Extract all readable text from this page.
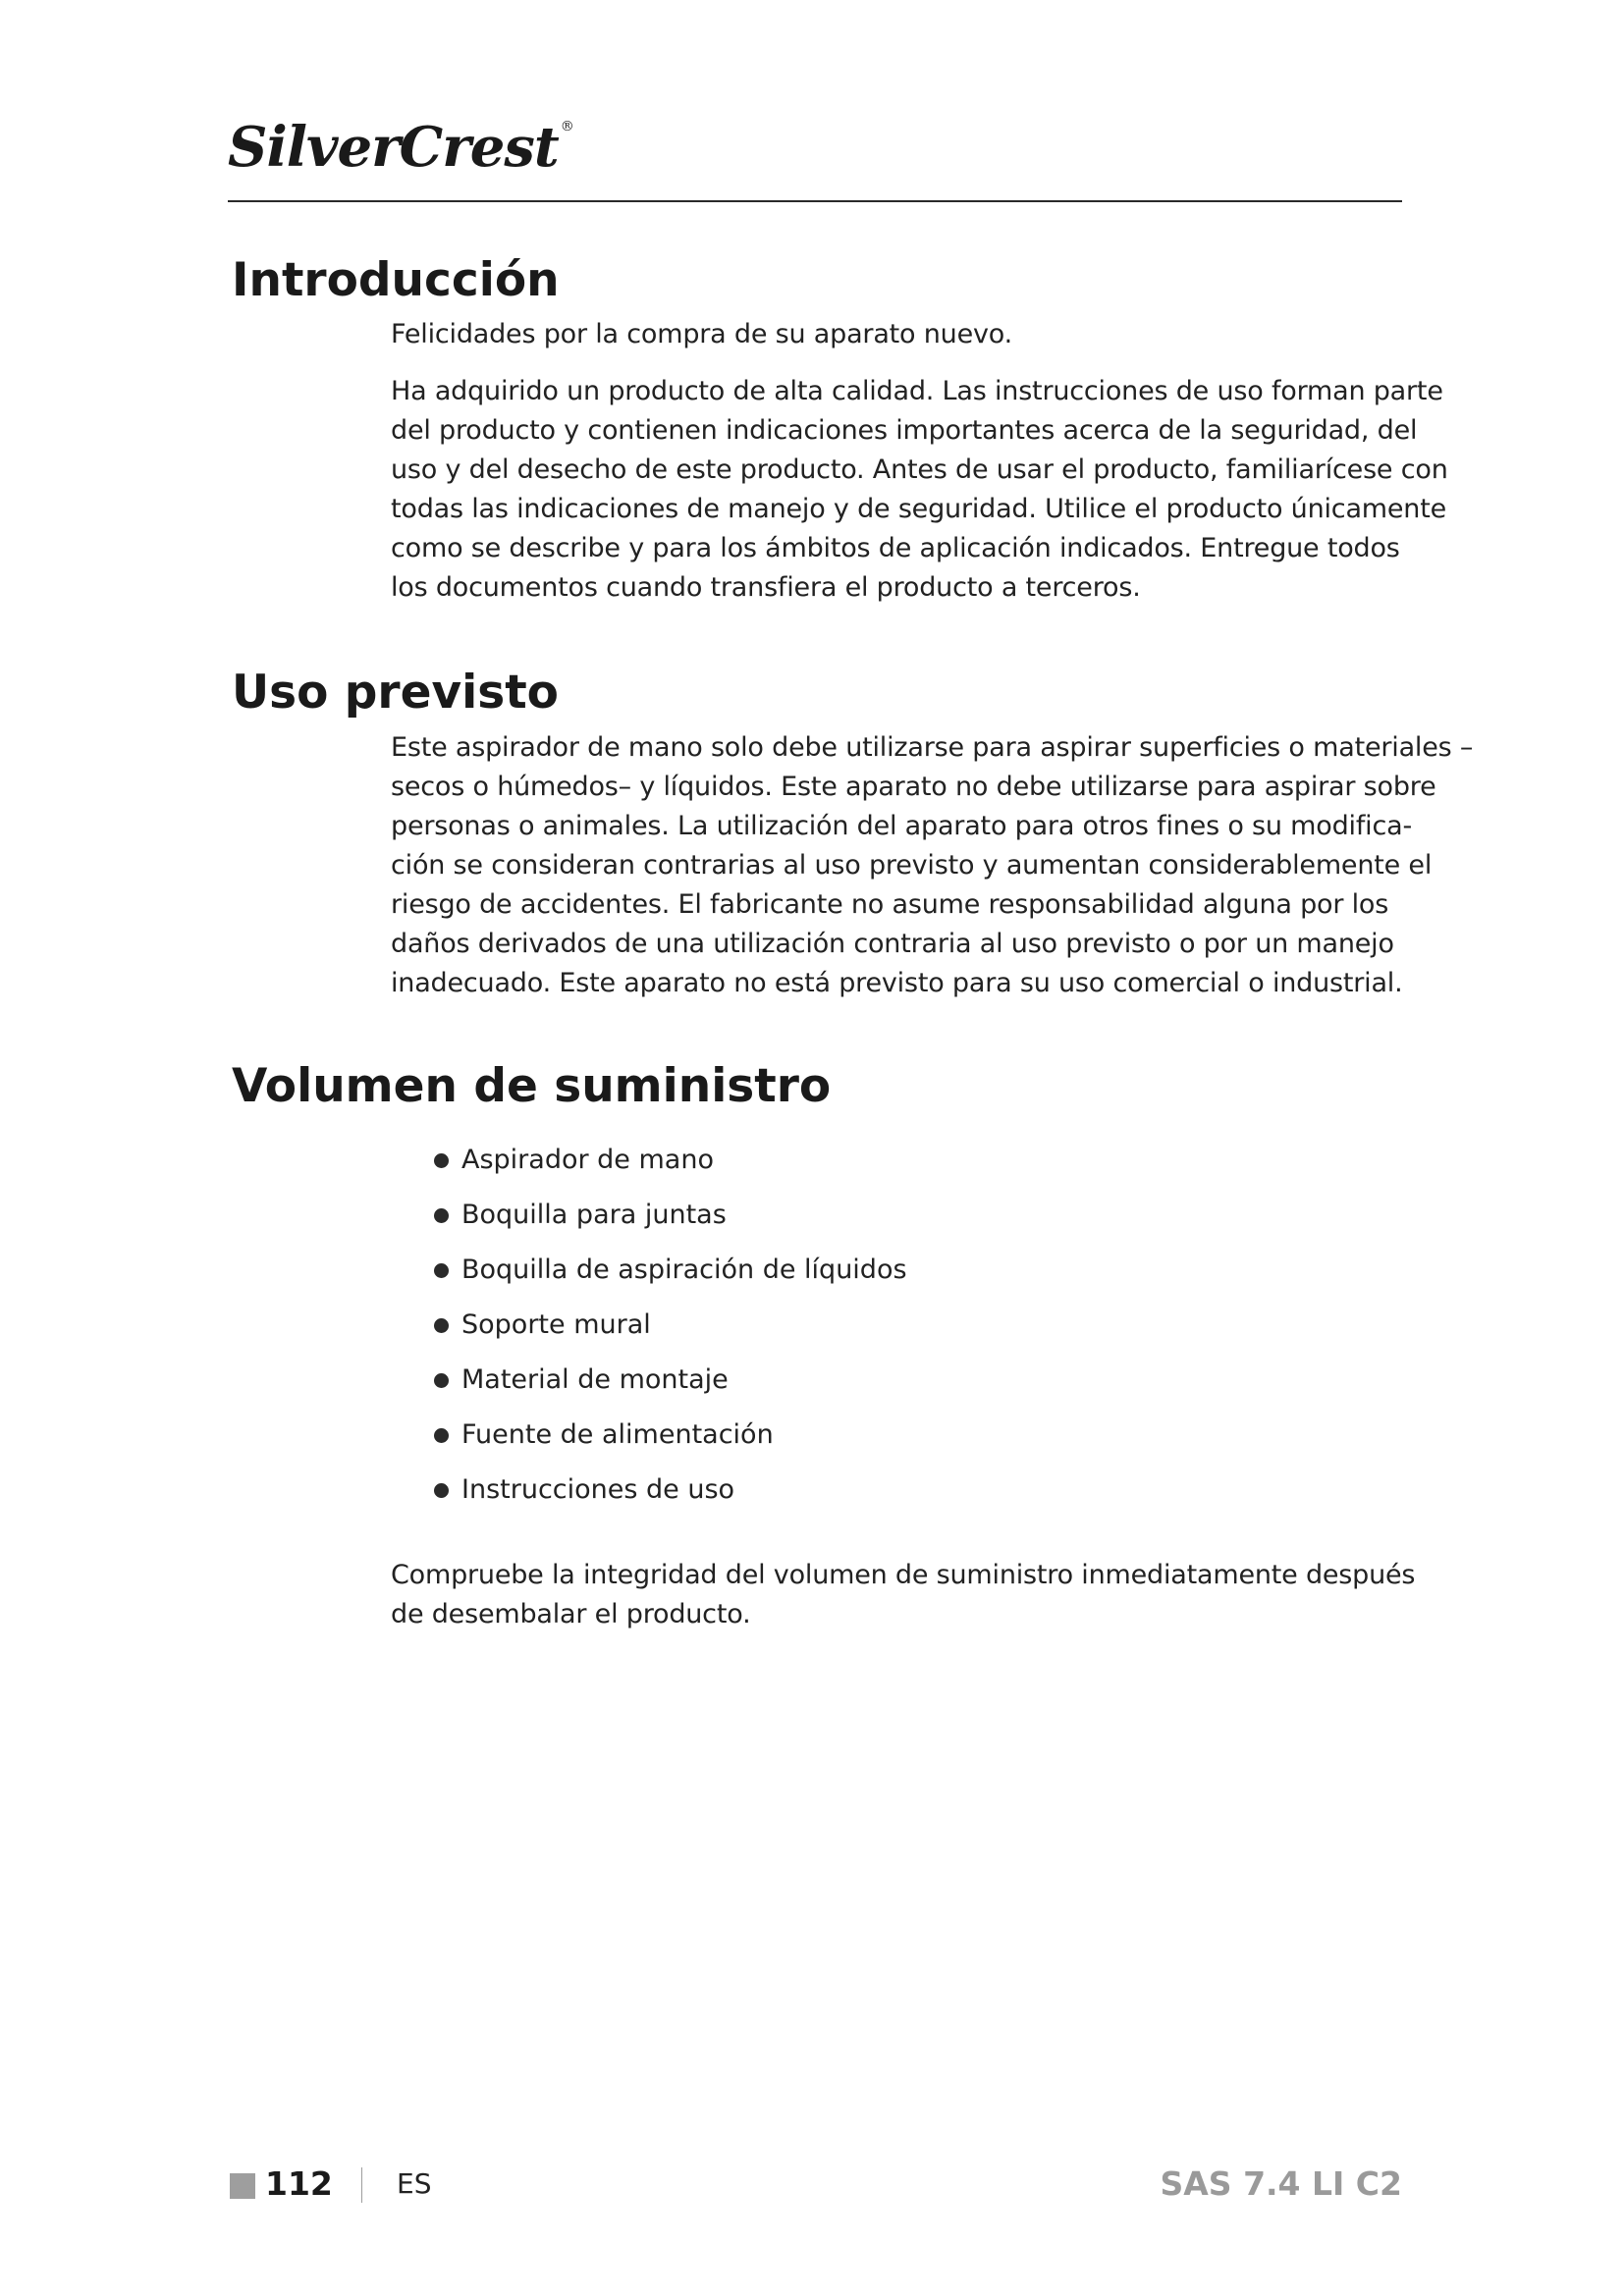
SilverCrest ®
Introducción
Felicidades por la compra de su aparato nuevo.
Ha adquirido un producto de alta calidad. Las instrucciones de uso forman parte
del producto y contienen indicaciones importantes acerca de la seguridad, del
uso y del desecho de este producto. Antes de usar el producto, familiarícese con
todas las indicaciones de manejo y de seguridad. Utilice el producto únicamente
como se describe y para los ámbitos de aplicación indicados. Entregue todos
los documentos cuando transfiera el producto a terceros.
Uso previsto
Este aspirador de mano solo debe utilizarse para aspirar superficies o materiales –
secos o húmedos– y líquidos. Este aparato no debe utilizarse para aspirar sobre
personas o animales. La utilización del aparato para otros fines o su modifica-
ción se consideran contrarias al uso previsto y aumentan considerablemente el
riesgo de accidentes. El fabricante no asume responsabilidad alguna por los
daños derivados de una utilización contraria al uso previsto o por un manejo
inadecuado. Este aparato no está previsto para su uso comercial o industrial.
Volumen de suministro
Aspirador de mano
Boquilla para juntas
Boquilla de aspiración de líquidos
Soporte mural
Material de montaje
Fuente de alimentación
Instrucciones de uso
Compruebe la integridad del volumen de suministro inmediatamente después
de desembalar el producto.
112 ES	SAS 7.4 LI C2
